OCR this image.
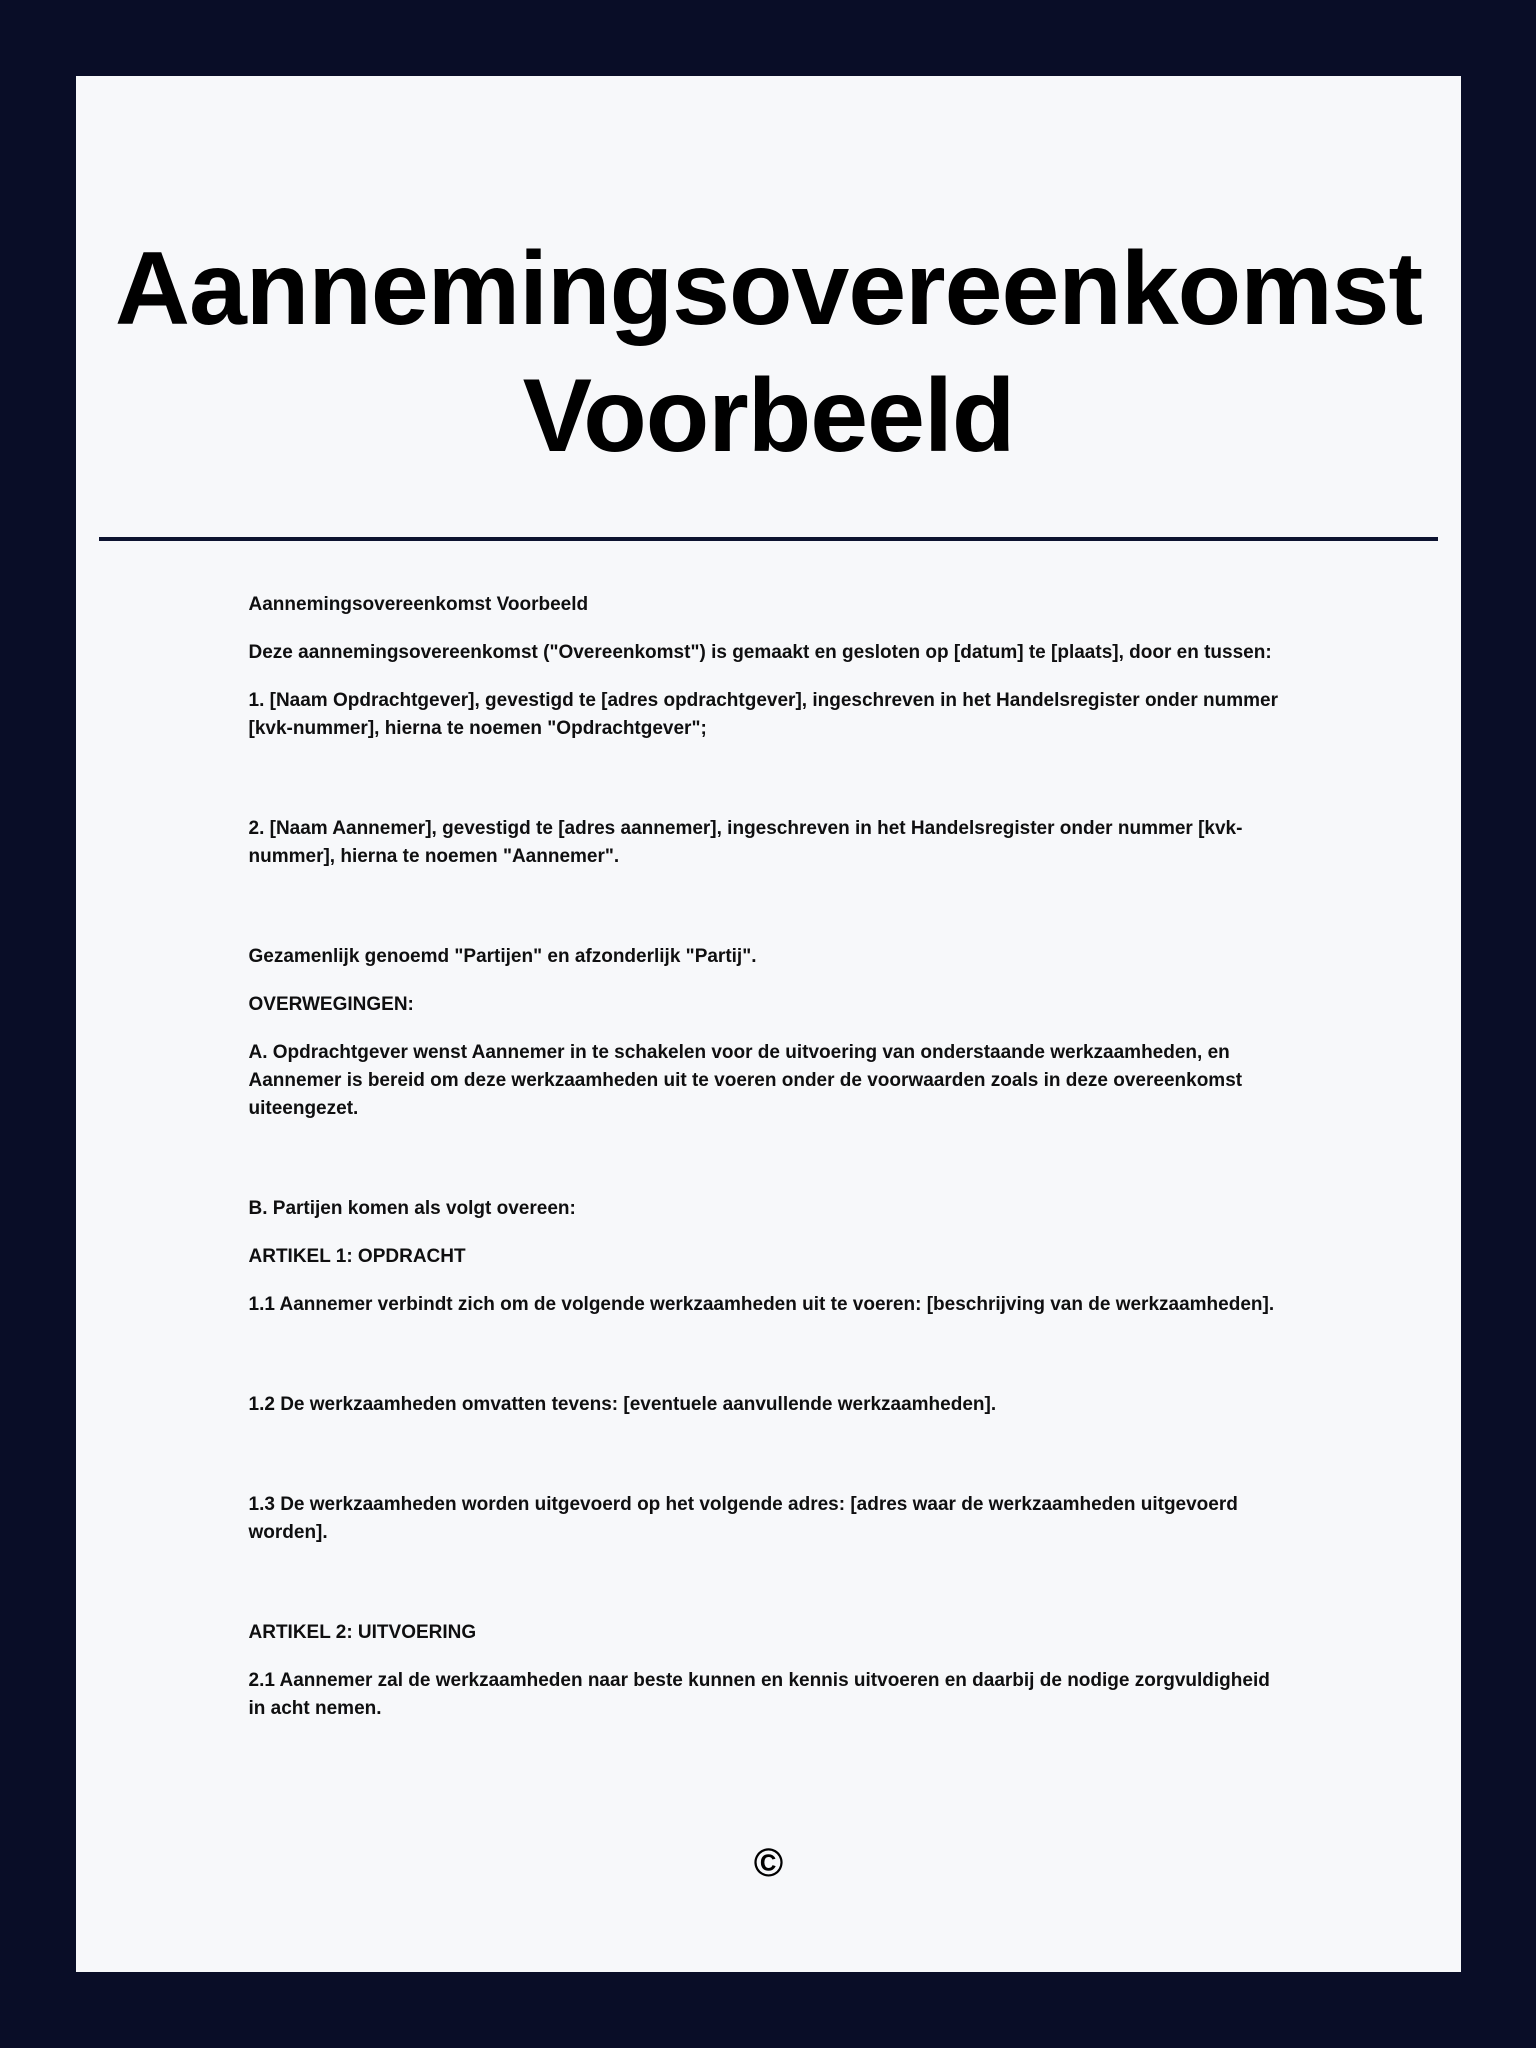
Aannemingsovereenkomst Voorbeeld

Aannemingsovereenkomst Voorbeeld

Deze aannemingsovereenkomst ("Overeenkomst") is gemaakt en gesloten op [datum] te [plaats], door en tussen:

1. [Naam Opdrachtgever], gevestigd te [adres opdrachtgever], ingeschreven in het Handelsregister onder nummer [kvk-nummer], hierna te noemen "Opdrachtgever";

2. [Naam Aannemer], gevestigd te [adres aannemer], ingeschreven in het Handelsregister onder nummer [kvk-nummer], hierna te noemen "Aannemer".

Gezamenlijk genoemd "Partijen" en afzonderlijk "Partij".

OVERWEGINGEN:

A. Opdrachtgever wenst Aannemer in te schakelen voor de uitvoering van onderstaande werkzaamheden, en Aannemer is bereid om deze werkzaamheden uit te voeren onder de voorwaarden zoals in deze overeenkomst uiteengezet.

B. Partijen komen als volgt overeen:

ARTIKEL 1: OPDRACHT

1.1 Aannemer verbindt zich om de volgende werkzaamheden uit te voeren: [beschrijving van de werkzaamheden].

1.2 De werkzaamheden omvatten tevens: [eventuele aanvullende werkzaamheden].

1.3 De werkzaamheden worden uitgevoerd op het volgende adres: [adres waar de werkzaamheden uitgevoerd worden].

ARTIKEL 2: UITVOERING

2.1 Aannemer zal de werkzaamheden naar beste kunnen en kennis uitvoeren en daarbij de nodige zorgvuldigheid in acht nemen.

©
